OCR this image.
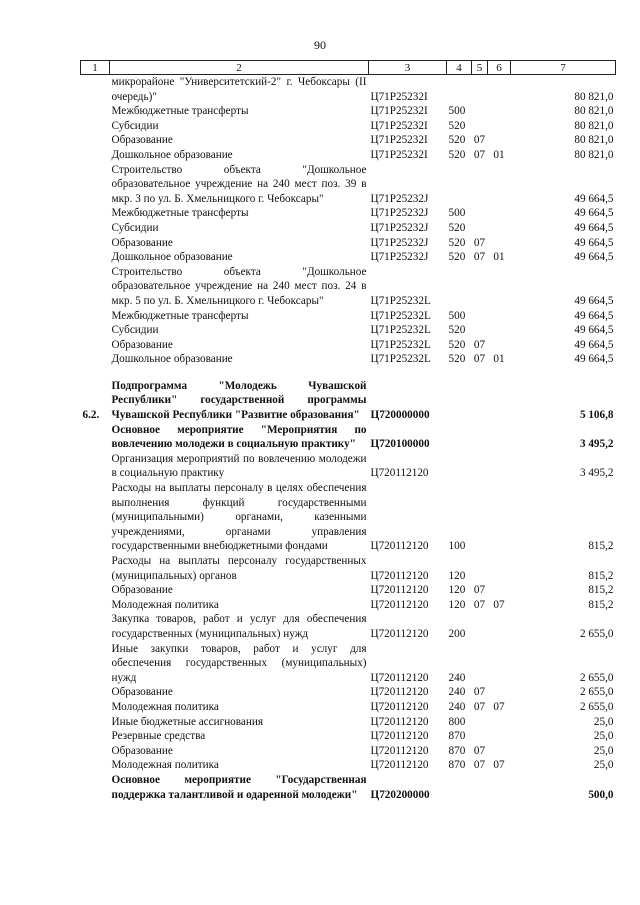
90
1	2	3	4	5	6	7
	микрорайоне "Университетский-2" г. Чебоксары (II очередь)"	Ц71Р25232I				80 821,0
	Межбюджетные трансферты	Ц71Р25232I	500			80 821,0
	Субсидии	Ц71Р25232I	520			80 821,0
	Образование	Ц71Р25232I	520	07		80 821,0
	Дошкольное образование	Ц71Р25232I	520	07	01	80 821,0
	Строительство объекта "Дошкольное образовательное учреждение на 240 мест поз. 39 в мкр. 3 по ул. Б. Хмельницкого г. Чебоксары"	Ц71Р25232J				49 664,5
	Межбюджетные трансферты	Ц71Р25232J	500			49 664,5
	Субсидии	Ц71Р25232J	520			49 664,5
	Образование	Ц71Р25232J	520	07		49 664,5
	Дошкольное образование	Ц71Р25232J	520	07	01	49 664,5
	Строительство объекта "Дошкольное образовательное учреждение на 240 мест поз. 24 в мкр. 5 по ул. Б. Хмельницкого г. Чебоксары"	Ц71Р25232L				49 664,5
	Межбюджетные трансферты	Ц71Р25232L	500			49 664,5
	Субсидии	Ц71Р25232L	520			49 664,5
	Образование	Ц71Р25232L	520	07		49 664,5
	Дошкольное образование	Ц71Р25232L	520	07	01	49 664,5

6.2.	Подпрограмма "Молодежь Чувашской Республики" государственной программы Чувашской Республики "Развитие образования"	Ц720000000				5 106,8
	Основное мероприятие "Мероприятия по вовлечению молодежи в социальную практику"	Ц720100000				3 495,2
	Организация мероприятий по вовлечению молодежи в социальную практику	Ц720112120				3 495,2
	Расходы на выплаты персоналу в целях обеспечения выполнения функций государственными (муниципальными) органами, казенными учреждениями, органами управления государственными внебюджетными фондами	Ц720112120	100			815,2
	Расходы на выплаты персоналу государственных (муниципальных) органов	Ц720112120	120			815,2
	Образование	Ц720112120	120	07		815,2
	Молодежная политика	Ц720112120	120	07	07	815,2
	Закупка товаров, работ и услуг для обеспечения государственных (муниципальных) нужд	Ц720112120	200			2 655,0
	Иные закупки товаров, работ и услуг для обеспечения государственных (муниципальных) нужд	Ц720112120	240			2 655,0
	Образование	Ц720112120	240	07		2 655,0
	Молодежная политика	Ц720112120	240	07	07	2 655,0
	Иные бюджетные ассигнования	Ц720112120	800			25,0
	Резервные средства	Ц720112120	870			25,0
	Образование	Ц720112120	870	07		25,0
	Молодежная политика	Ц720112120	870	07	07	25,0
	Основное мероприятие "Государственная поддержка талантливой и одаренной молодежи"	Ц720200000				500,0
